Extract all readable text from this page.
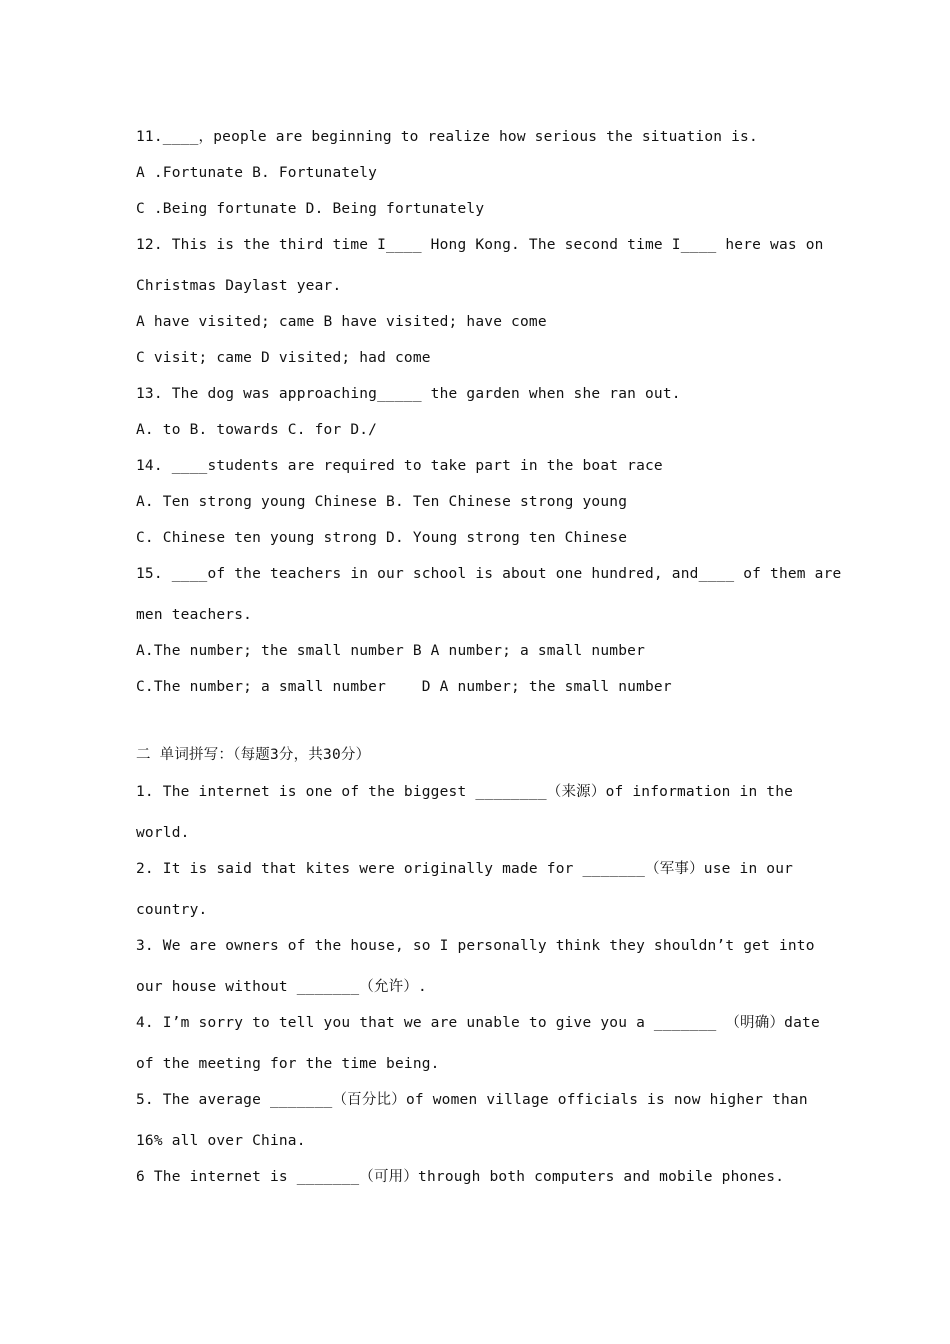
11.____，people are beginning to realize how serious the situation is.
A .Fortunate B. Fortunately
C .Being fortunate D. Being fortunately
12. This is the third time I____ Hong Kong. The second time I____ here was on
Christmas Daylast year.
A have visited; came B have visited; have come
C visit; came D visited; had come
13. The dog was approaching_____ the garden when she ran out.
A. to B. towards C. for D./
14. ____students are required to take part in the boat race
A. Ten strong young Chinese B. Ten Chinese strong young
C. Chinese ten young strong D. Young strong ten Chinese
15. ____of the teachers in our school is about one hundred, and____ of them are
men teachers.
A.The number; the small number B A number; a small number
C.The number; a small number    D A number; the small number
二 单词拼写：（每题3分，共30分）
1. The internet is one of the biggest ________（来源）of information in the
world.
2. It is said that kites were originally made for _______（军事）use in our
country.
3. We are owners of the house, so I personally think they shouldn’t get into
our house without _______（允许）.
4. I’m sorry to tell you that we are unable to give you a _______ （明确）date
of the meeting for the time being.
5. The average _______（百分比）of women village officials is now higher than
16% all over China.
6 The internet is _______（可用）through both computers and mobile phones.
